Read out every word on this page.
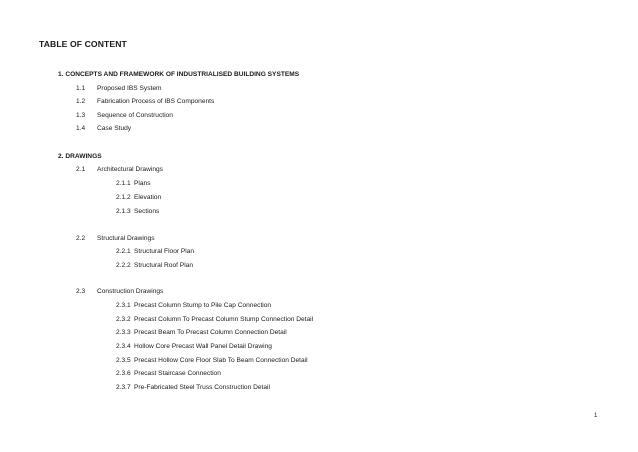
TABLE OF CONTENT
1. CONCEPTS AND FRAMEWORK OF INDUSTRIALISED BUILDING SYSTEMS
1.1 Proposed IBS System
1.2 Fabrication Process of IBS Components
1.3 Sequence of Construction
1.4 Case Study
2. DRAWINGS
2.1 Architectural Drawings
2.1.1 Plans
2.1.2 Elevation
2.1.3 Sections
2.2 Structural Drawings
2.2.1 Structural Floor Plan
2.2.2 Structural Roof Plan
2.3 Construction Drawings
2.3.1 Precast Column Stump to Pile Cap Connection
2.3.2 Precast Column To Precast Column Stump Connection Detail
2.3.3 Precast Beam To Precast Column Connection Detail
2.3.4 Hollow Core Precast Wall Panel Detail Drawing
2.3.5 Precast Hollow Core Floor Slab To Beam Connection Detail
2.3.6 Precast Staircase Connection
2.3.7 Pre-Fabricated Steel Truss Construction Detail
1
